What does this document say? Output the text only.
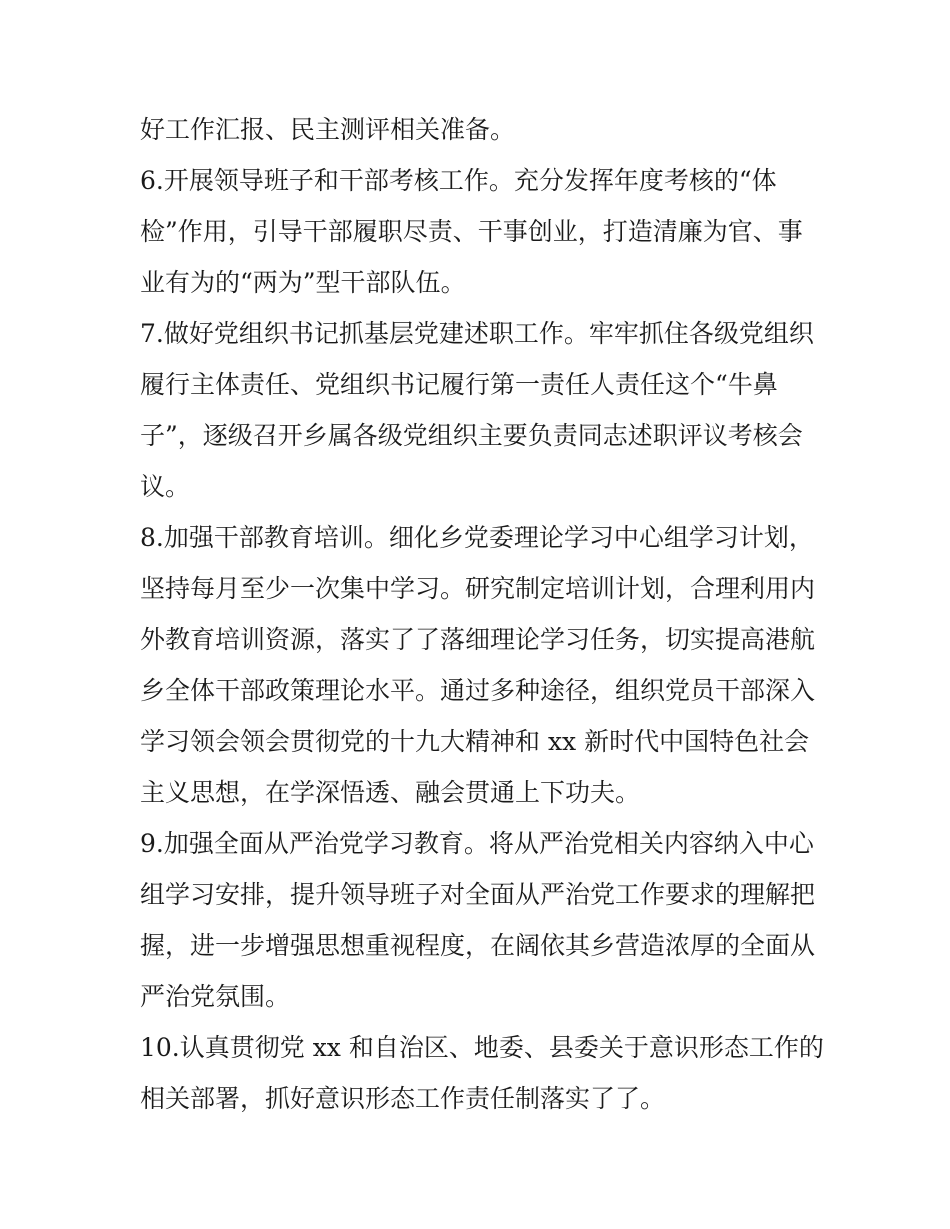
好工作汇报、民主测评相关准备。
6.开展领导班子和干部考核工作。充分发挥年度考核的“体
检”作用，引导干部履职尽责、干事创业，打造清廉为官、事
业有为的“两为”型干部队伍。
7.做好党组织书记抓基层党建述职工作。牢牢抓住各级党组织
履行主体责任、党组织书记履行第一责任人责任这个“牛鼻
子”，逐级召开乡属各级党组织主要负责同志述职评议考核会
议。
8.加强干部教育培训。细化乡党委理论学习中心组学习计划，
坚持每月至少一次集中学习。研究制定培训计划，合理利用内
外教育培训资源，落实了了落细理论学习任务，切实提高港航
乡全体干部政策理论水平。通过多种途径，组织党员干部深入
学习领会领会贯彻党的十九大精神和 xx 新时代中国特色社会
主义思想，在学深悟透、融会贯通上下功夫。
9.加强全面从严治党学习教育。将从严治党相关内容纳入中心
组学习安排，提升领导班子对全面从严治党工作要求的理解把
握，进一步增强思想重视程度，在阔依其乡营造浓厚的全面从
严治党氛围。
10.认真贯彻党 xx 和自治区、地委、县委关于意识形态工作的
相关部署，抓好意识形态工作责任制落实了了。
